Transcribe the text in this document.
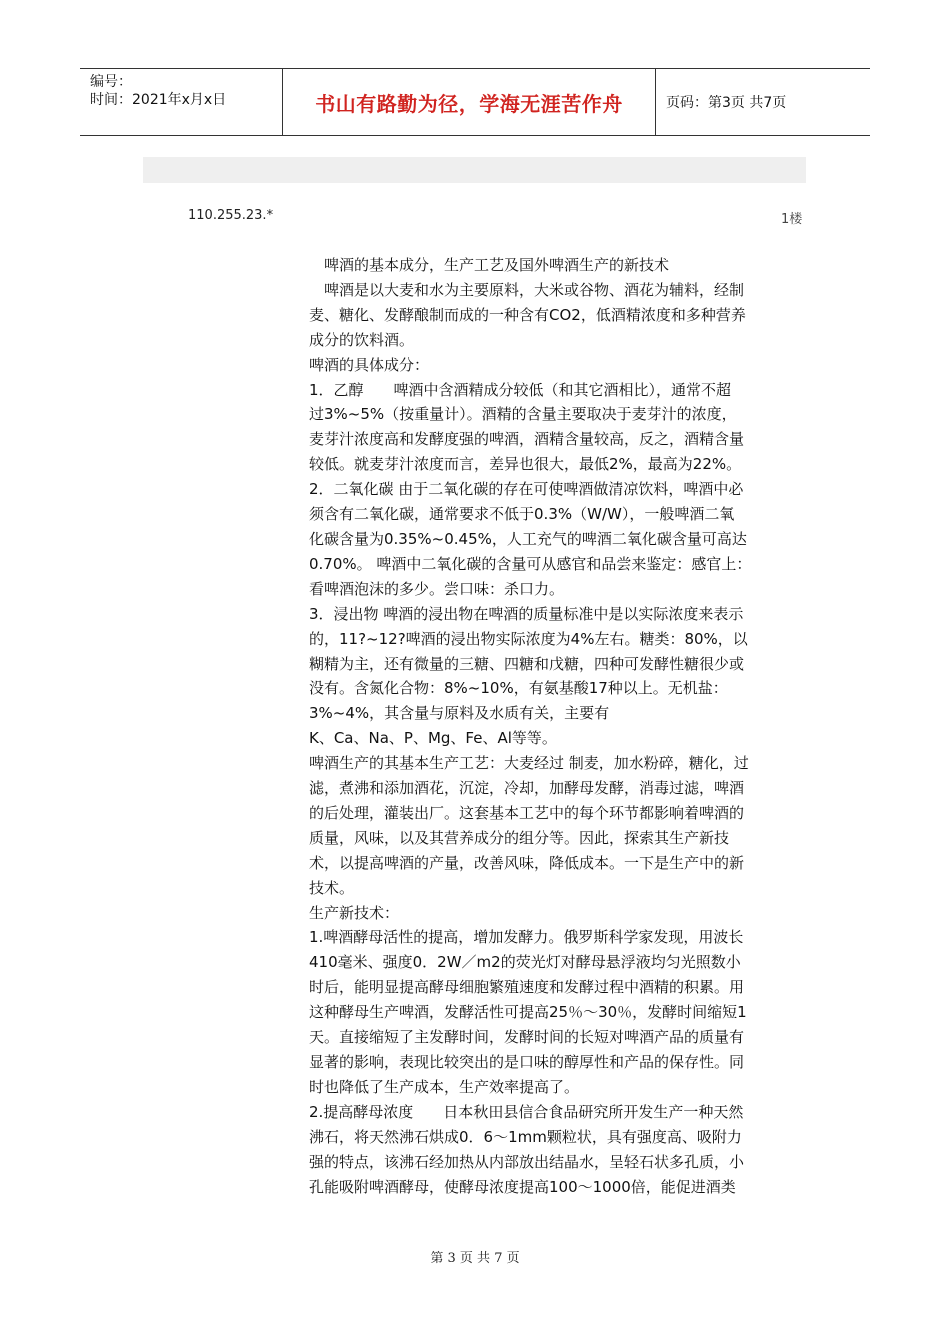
编号：
时间：2021年x月x日	书山有路勤为径，学海无涯苦作舟	页码：第3页 共7页
110.255.23.*	1楼

　啤酒的基本成分，生产工艺及国外啤酒生产的新技术

　啤酒是以大麦和水为主要原料，大米或谷物、酒花为辅料，经制

麦、糖化、发酵酿制而成的一种含有CO2，低酒精浓度和多种营养

成分的饮料酒。

啤酒的具体成分：

1．乙醇　　啤酒中含酒精成分较低（和其它酒相比），通常不超

过3%~5%（按重量计）。酒精的含量主要取决于麦芽汁的浓度，

麦芽汁浓度高和发酵度强的啤酒，酒精含量较高，反之，酒精含量

较低。就麦芽汁浓度而言，差异也很大，最低2%，最高为22%。

2．二氧化碳 由于二氧化碳的存在可使啤酒做清凉饮料，啤酒中必

须含有二氧化碳，通常要求不低于0.3%（W/W），一般啤酒二氧

化碳含量为0.35%~0.45%，人工充气的啤酒二氧化碳含量可高达

0.70%。 啤酒中二氧化碳的含量可从感官和品尝来鉴定：感官上：

看啤酒泡沫的多少。尝口味：杀口力。

3．浸出物 啤酒的浸出物在啤酒的质量标准中是以实际浓度来表示

的，11?~12?啤酒的浸出物实际浓度为4%左右。糖类：80%，以

糊精为主，还有微量的三糖、四糖和戊糖，四种可发酵性糖很少或

没有。含氮化合物：8%~10%，有氨基酸17种以上。无机盐：

3%~4%，其含量与原料及水质有关，主要有

K、Ca、Na、P、Mg、Fe、Al等等。

啤酒生产的其基本生产工艺：大麦经过 制麦，加水粉碎，糖化，过

滤，煮沸和添加酒花，沉淀，冷却，加酵母发酵，消毒过滤，啤酒

的后处理，灌装出厂。这套基本工艺中的每个环节都影响着啤酒的

质量，风味，以及其营养成分的组分等。因此，探索其生产新技

术，以提高啤酒的产量，改善风味，降低成本。一下是生产中的新

技术。

生产新技术：

1.啤酒酵母活性的提高，增加发酵力。俄罗斯科学家发现，用波长

410毫米、强度0．2W／m2的荧光灯对酵母悬浮液均匀光照数小

时后，能明显提高酵母细胞繁殖速度和发酵过程中酒精的积累。用

这种酵母生产啤酒，发酵活性可提高25％～30％，发酵时间缩短1

天。直接缩短了主发酵时间，发酵时间的长短对啤酒产品的质量有

显著的影响，表现比较突出的是口味的醇厚性和产品的保存性。同

时也降低了生产成本，生产效率提高了。

2.提高酵母浓度　　日本秋田县信合食品研究所开发生产一种天然

沸石，将天然沸石烘成0．6～1mm颗粒状，具有强度高、吸附力

强的特点，该沸石经加热从内部放出结晶水，呈轻石状多孔质，小

孔能吸附啤酒酵母，使酵母浓度提高100～1000倍，能促进酒类

第 3 页 共 7 页
